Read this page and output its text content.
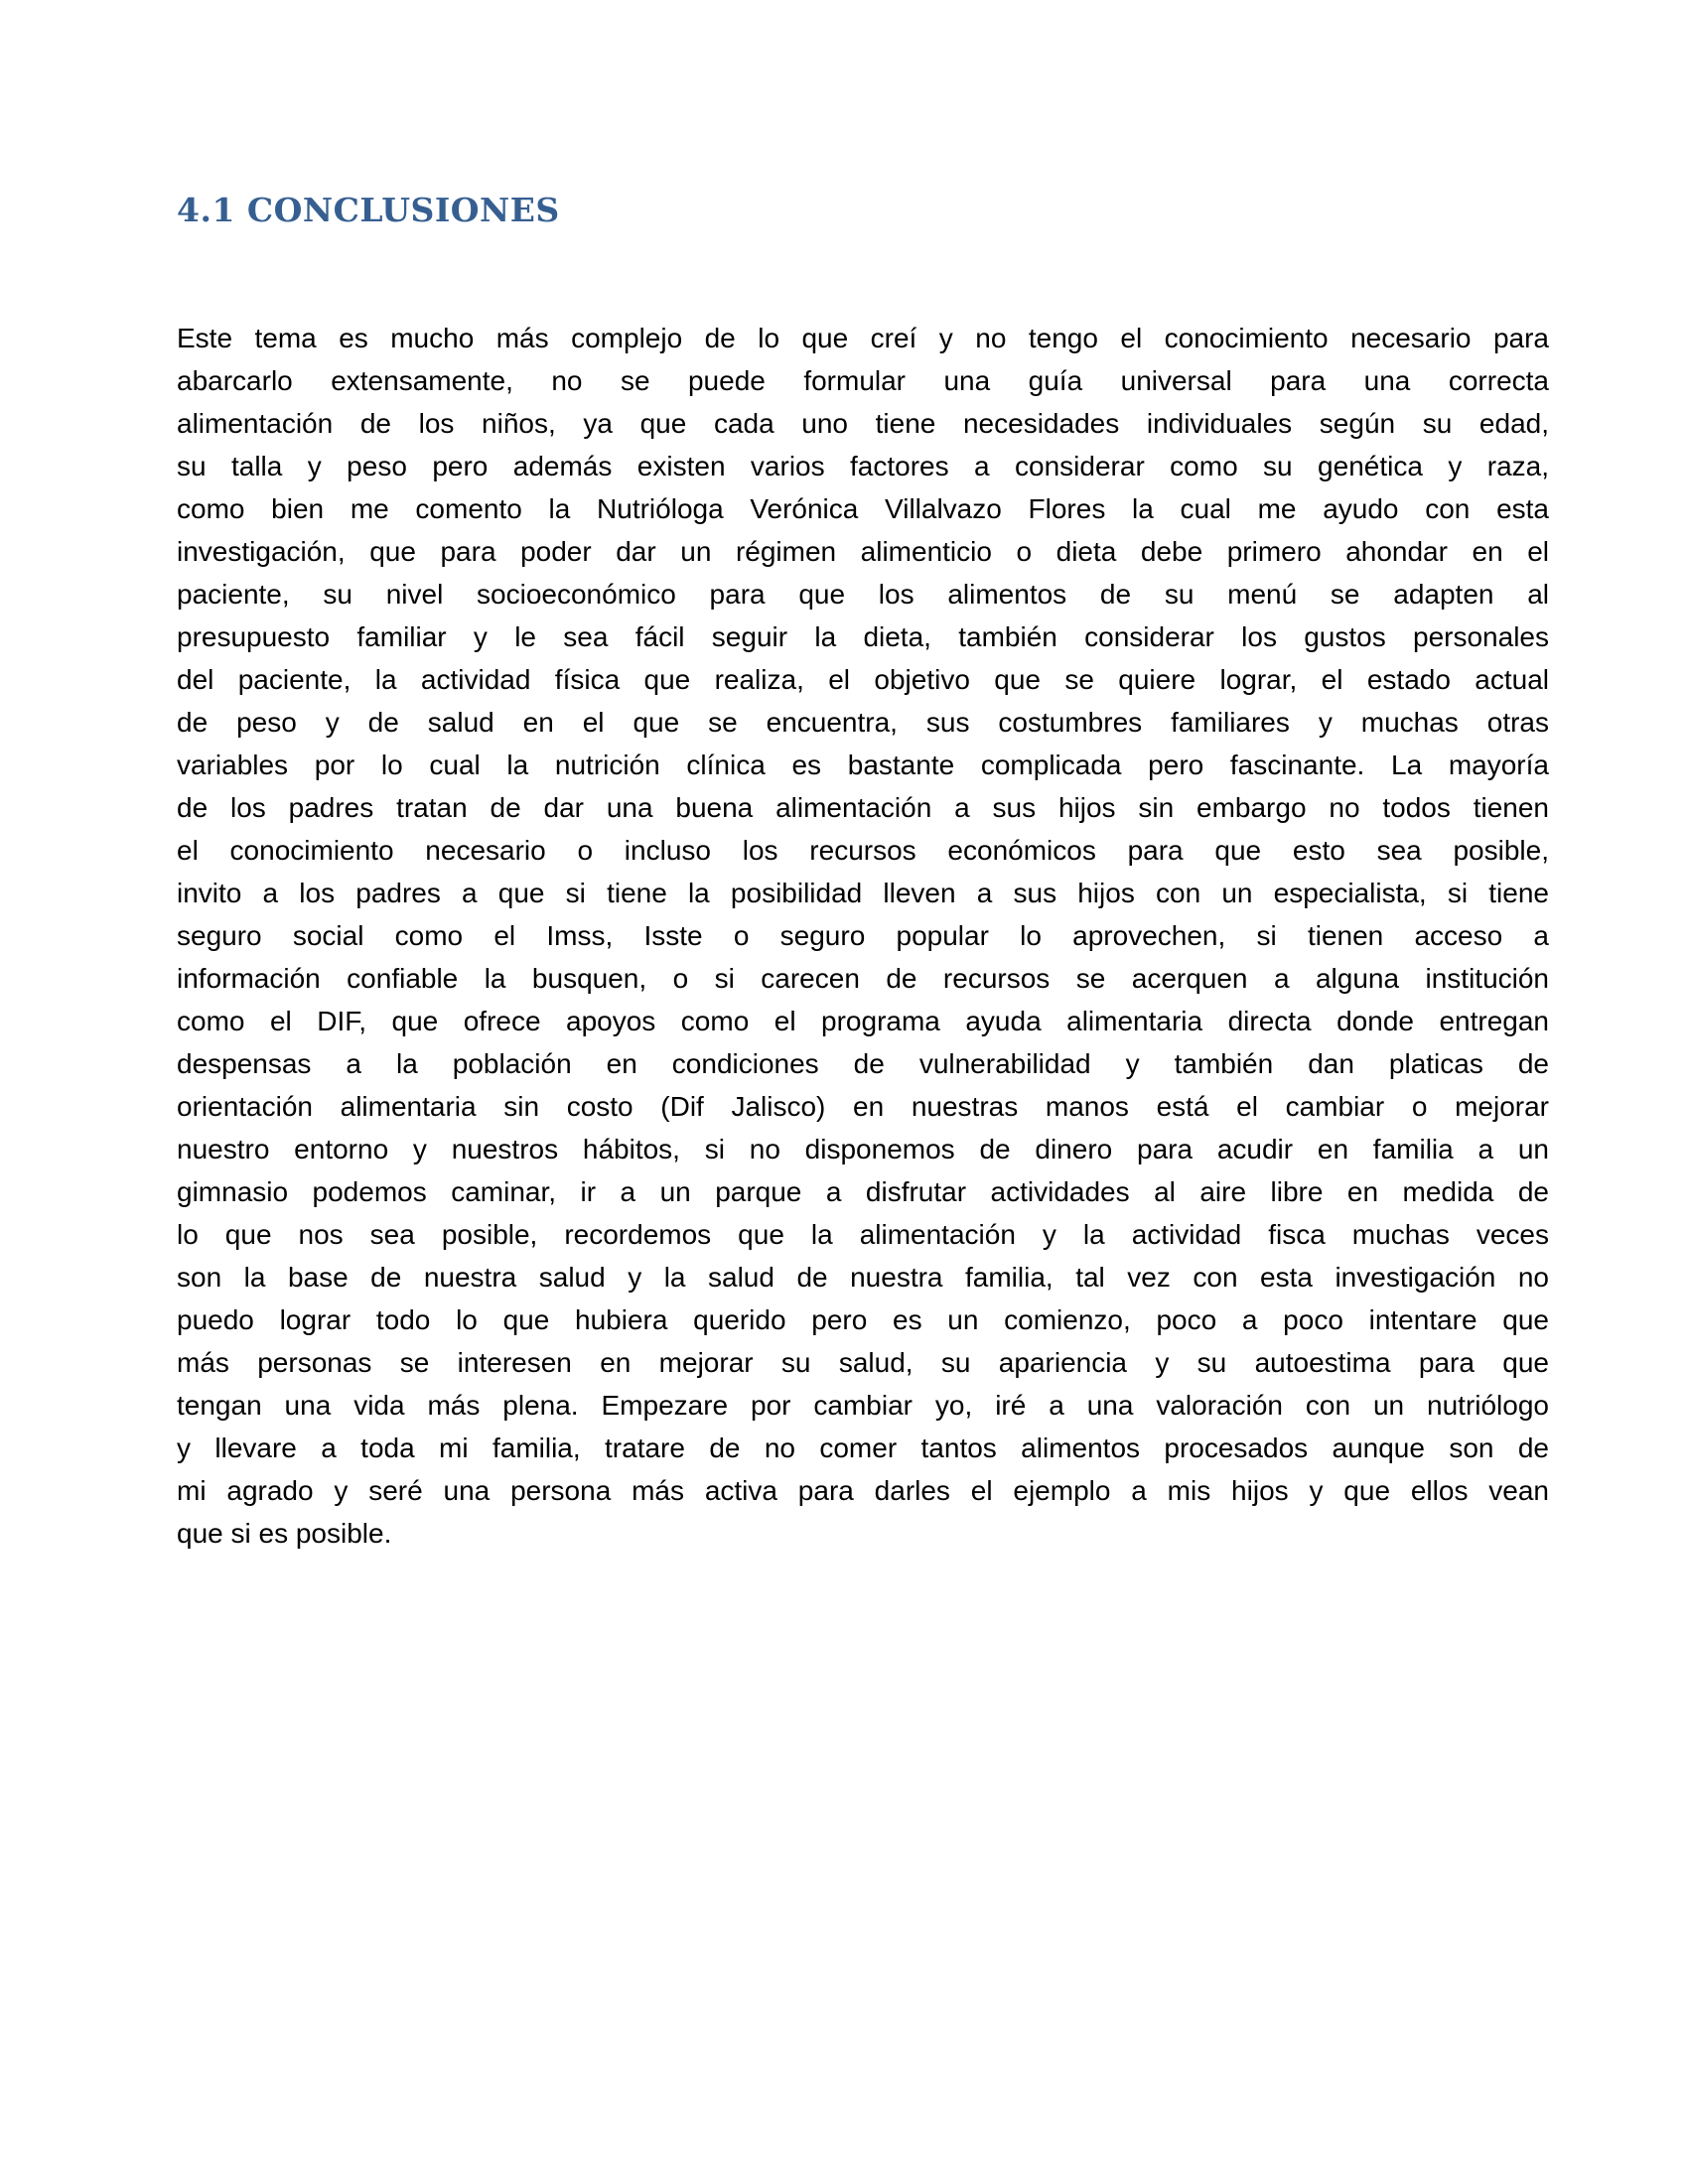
4.1 CONCLUSIONES
Este tema es mucho más complejo de lo que creí y no tengo el conocimiento necesario para
abarcarlo extensamente, no se puede formular una guía universal para una correcta
alimentación de los niños, ya que cada uno tiene necesidades individuales según su edad,
su talla y peso pero además existen varios factores a considerar como su genética y raza,
como bien me comento la Nutrióloga Verónica Villalvazo Flores la cual me ayudo con esta
investigación, que para poder dar un régimen alimenticio o dieta debe primero ahondar en el
paciente, su nivel socioeconómico para que los alimentos de su menú se adapten al
presupuesto familiar y le sea fácil seguir la dieta, también considerar los gustos personales
del paciente, la actividad física que realiza, el objetivo que se quiere lograr, el estado actual
de peso y de salud en el que se encuentra, sus costumbres familiares y muchas otras
variables por lo cual la nutrición clínica es bastante complicada pero fascinante. La mayoría
de los padres tratan de dar una buena alimentación a sus hijos sin embargo no todos tienen
el conocimiento necesario o incluso los recursos económicos para que esto sea posible,
invito a los padres a que si tiene la posibilidad lleven a sus hijos con un especialista, si tiene
seguro social como el Imss, Isste o seguro popular lo aprovechen, si tienen acceso a
información confiable la busquen, o si carecen de recursos se acerquen a alguna institución
como el DIF, que ofrece apoyos como el programa ayuda alimentaria directa donde entregan
despensas a la población en condiciones de vulnerabilidad y también dan platicas de
orientación alimentaria sin costo (Dif Jalisco) en nuestras manos está el cambiar o mejorar
nuestro entorno y nuestros hábitos, si no disponemos de dinero para acudir en familia a un
gimnasio podemos caminar, ir a un parque a disfrutar actividades al aire libre en medida de
lo que nos sea posible, recordemos que la alimentación y la actividad fisca muchas veces
son la base de nuestra salud y la salud de nuestra familia, tal vez con esta investigación no
puedo lograr todo lo que hubiera querido pero es un comienzo, poco a poco intentare que
más personas se interesen en mejorar su salud, su apariencia y su autoestima para que
tengan una vida más plena. Empezare por cambiar yo, iré a una valoración con un nutriólogo
y llevare a toda mi familia, tratare de no comer tantos alimentos procesados aunque son de
mi agrado y seré una persona más activa para darles el ejemplo a mis hijos y que ellos vean
que si es posible.
